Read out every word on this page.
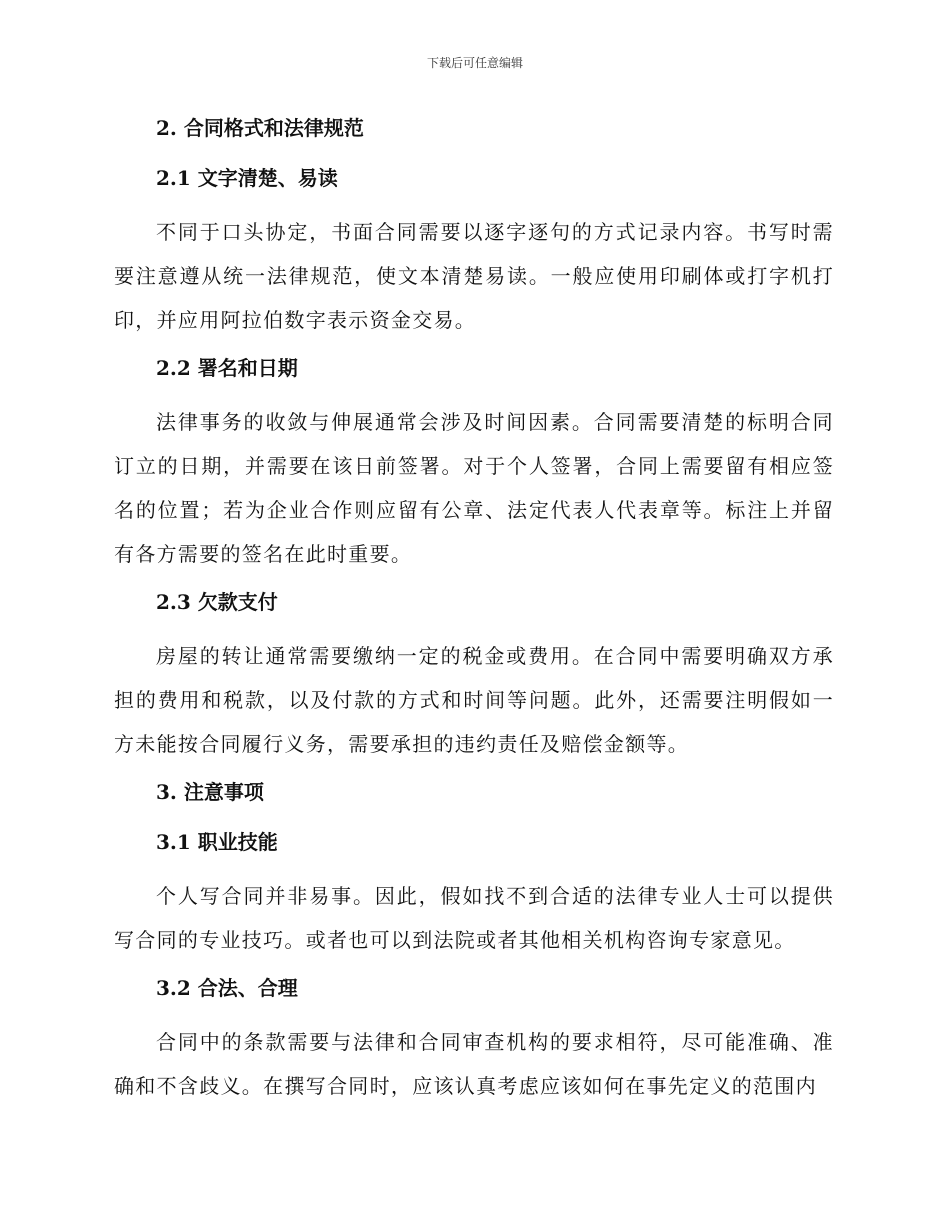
下载后可任意编辑
2. 合同格式和法律规范
2.1 文字清楚、易读

不同于口头协定，书面合同需要以逐字逐句的方式记录内容。书写时需要注意遵从统一法律规范，使文本清楚易读。一般应使用印刷体或打字机打印，并应用阿拉伯数字表示资金交易。

2.2 署名和日期

法律事务的收敛与伸展通常会涉及时间因素。合同需要清楚的标明合同订立的日期，并需要在该日前签署。对于个人签署，合同上需要留有相应签名的位置；若为企业合作则应留有公章、法定代表人代表章等。标注上并留有各方需要的签名在此时重要。

2.3 欠款支付

房屋的转让通常需要缴纳一定的税金或费用。在合同中需要明确双方承担的费用和税款，以及付款的方式和时间等问题。此外，还需要注明假如一方未能按合同履行义务，需要承担的违约责任及赔偿金额等。

3. 注意事项
3.1 职业技能

个人写合同并非易事。因此，假如找不到合适的法律专业人士可以提供写合同的专业技巧。或者也可以到法院或者其他相关机构咨询专家意见。

3.2 合法、合理

合同中的条款需要与法律和合同审查机构的要求相符，尽可能准确、准确和不含歧义。在撰写合同时，应该认真考虑应该如何在事先定义的范围内
